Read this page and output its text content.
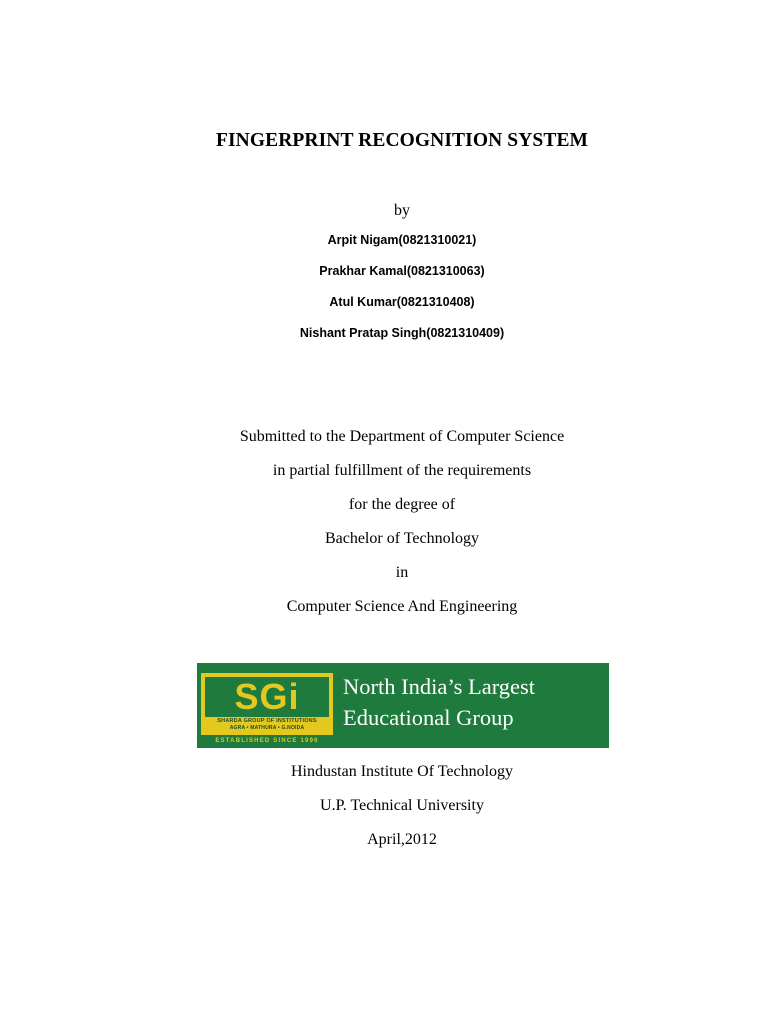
FINGERPRINT RECOGNITION SYSTEM
by
Arpit Nigam(0821310021)
Prakhar Kamal(0821310063)
Atul Kumar(0821310408)
Nishant Pratap Singh(0821310409)
Submitted to the Department of Computer Science
in partial fulfillment of the requirements
for the degree of
Bachelor of Technology
in
Computer Science And Engineering
SGi
SHARDA GROUP OF INSTITUTIONS
AGRA • MATHURA • G.NOIDA
ESTABLISHED SINCE 1996
North India’s Largest
Educational Group
Hindustan Institute Of Technology
U.P. Technical University
April,2012
